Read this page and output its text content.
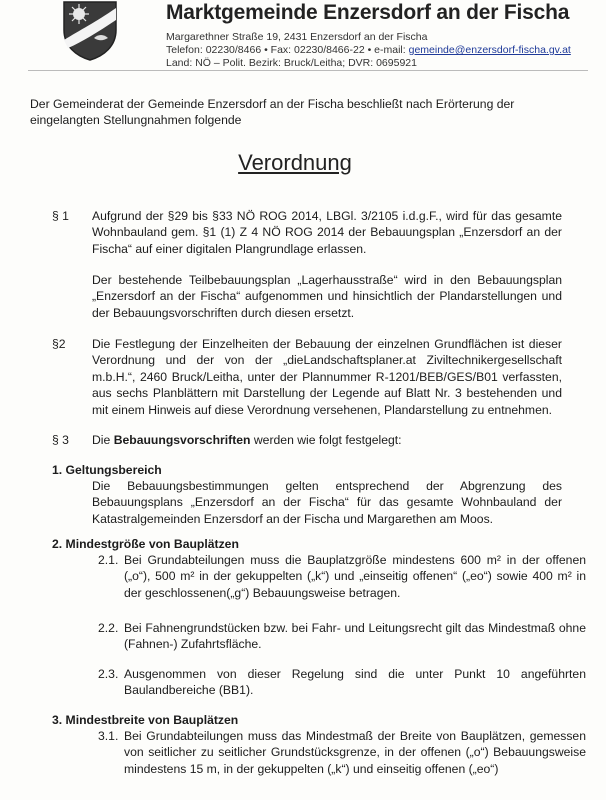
Marktgemeinde Enzersdorf an der Fischa
Margarethner Straße 19, 2431 Enzersdorf an der Fischa
Telefon: 02230/8466 • Fax: 02230/8466-22 • e-mail: gemeinde@enzersdorf-fischa.gv.at
Land: NÖ – Polit. Bezirk: Bruck/Leitha; DVR: 0695921
Der Gemeinderat der Gemeinde Enzersdorf an der Fischa beschließt nach Erörterung der eingelangten Stellungnahmen folgende
Verordnung
§ 1 Aufgrund der §29 bis §33 NÖ ROG 2014, LBGl. 3/2105 i.d.g.F., wird für das gesamte Wohnbauland gem. §1 (1) Z 4 NÖ ROG 2014 der Bebauungsplan „Enzersdorf an der Fischa“ auf einer digitalen Plangrundlage erlassen.
Der bestehende Teilbebauungsplan „Lagerhausstraße“ wird in den Bebauungsplan „Enzersdorf an der Fischa“ aufgenommen und hinsichtlich der Plandarstellungen und der Bebauungsvorschriften durch diesen ersetzt.
§2 Die Festlegung der Einzelheiten der Bebauung der einzelnen Grundflächen ist dieser Verordnung und der von der „dieLandschaftsplaner.at Ziviltechnikergesellschaft m.b.H.“, 2460 Bruck/Leitha, unter der Plannummer R-1201/BEB/GES/B01 verfassten, aus sechs Planblättern mit Darstellung der Legende auf Blatt Nr. 3 bestehenden und mit einem Hinweis auf diese Verordnung versehenen, Plandarstellung zu entnehmen.
§ 3 Die Bebauungsvorschriften werden wie folgt festgelegt:
1. Geltungsbereich
Die Bebauungsbestimmungen gelten entsprechend der Abgrenzung des Bebauungsplans „Enzersdorf an der Fischa“ für das gesamte Wohnbauland der Katastralgemeinden Enzersdorf an der Fischa und Margarethen am Moos.
2. Mindestgröße von Bauplätzen
2.1. Bei Grundabteilungen muss die Bauplatzgröße mindestens 600 m² in der offenen („o“), 500 m² in der gekuppelten („k“) und „einseitig offenen“ („eo“) sowie 400 m² in der geschlossenen(„g“) Bebauungsweise betragen.
2.2. Bei Fahnengrundstücken bzw. bei Fahr- und Leitungsrecht gilt das Mindestmaß ohne (Fahnen-) Zufahrtsfläche.
2.3. Ausgenommen von dieser Regelung sind die unter Punkt 10 angeführten Baulandbereiche (BB1).
3. Mindestbreite von Bauplätzen
3.1. Bei Grundabteilungen muss das Mindestmaß der Breite von Bauplätzen, gemessen von seitlicher zu seitlicher Grundstücksgrenze, in der offenen („o“) Bebauungsweise mindestens 15 m, in der gekuppelten („k“) und einseitig offenen („eo“)
